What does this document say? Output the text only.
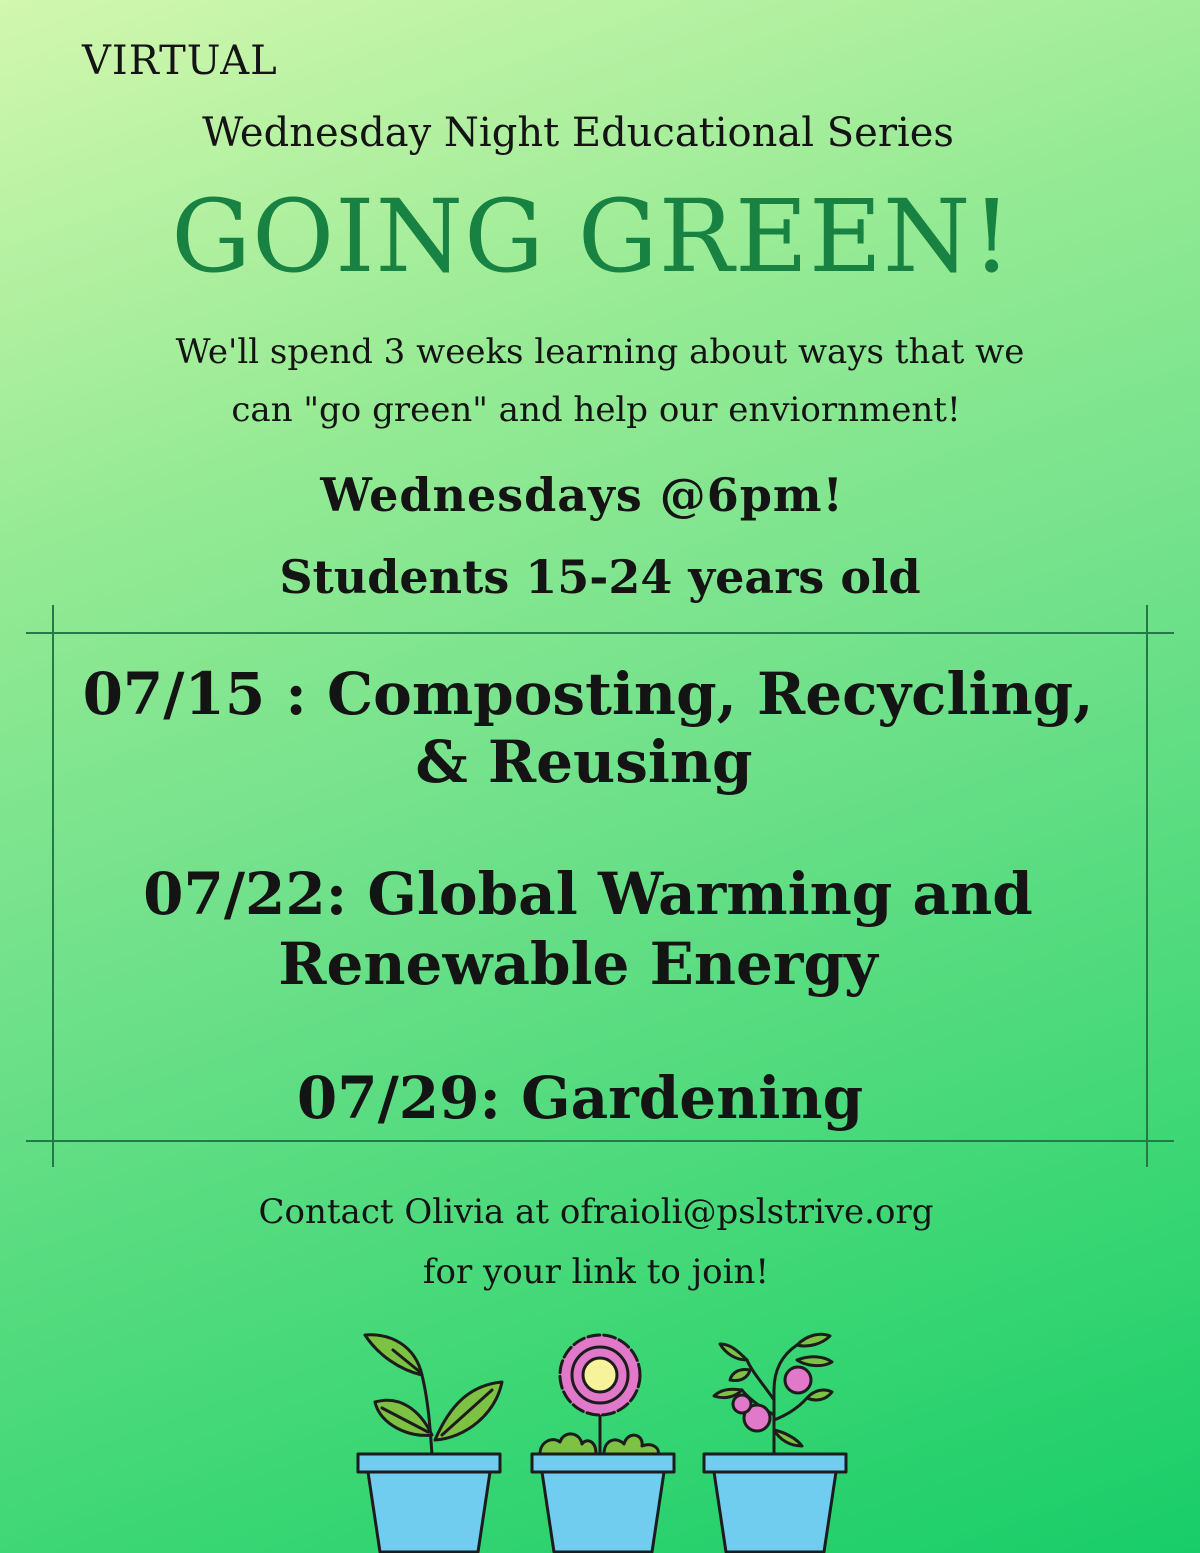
VIRTUAL

Wednesday Night Educational Series

GOING GREEN!

We'll spend 3 weeks learning about ways that we

can "go green" and help our enviornment!

Wednesdays @6pm!

Students 15-24 years old

07/15 : Composting, Recycling,

& Reusing

07/22: Global Warming and

Renewable Energy

07/29: Gardening

Contact Olivia at ofraioli@pslstrive.org

for your link to join!
